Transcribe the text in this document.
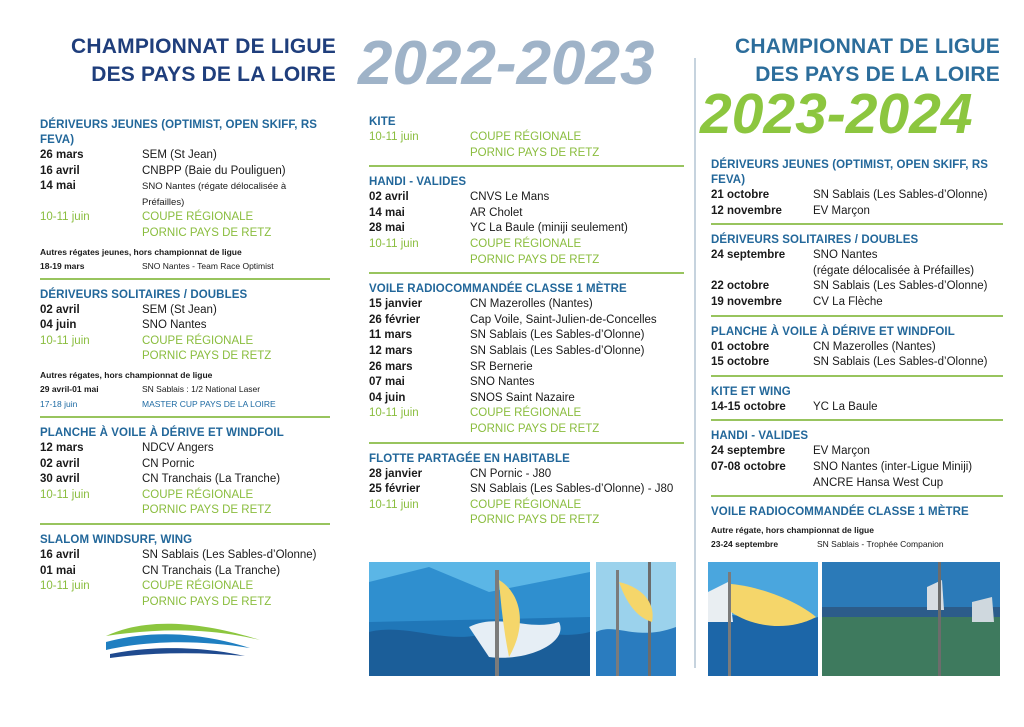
CHAMPIONNAT DE LIGUE
DES PAYS DE LA LOIRE 2022-2023	CHAMPIONNAT DE LIGUE
DES PAYS DE LA LOIRE
2023-2024
DÉRIVEURS JEUNES (OPTIMIST, OPEN SKIFF, RS FEVA)
26 mars	SEM (St Jean)
16 avril	CNBPP (Baie du Pouliguen)
14 mai	SNO Nantes (régate délocalisée à Préfailles)
10-11 juin	COUPE RÉGIONALE
PORNIC PAYS DE RETZ
Autres régates jeunes, hors championnat de ligue
18-19 mars	SNO Nantes - Team Race Optimist
DÉRIVEURS SOLITAIRES / DOUBLES
02 avril	SEM (St Jean)
04 juin	SNO Nantes
10-11 juin	COUPE RÉGIONALE
PORNIC PAYS DE RETZ
Autres régates, hors championnat de ligue
29 avril-01 mai	SN Sablais : 1/2 National Laser
17-18 juin	MASTER CUP PAYS DE LA LOIRE
PLANCHE À VOILE À DÉRIVE ET WINDFOIL
12 mars	NDCV Angers
02 avril	CN Pornic
30 avril	CN Tranchais (La Tranche)
10-11 juin	COUPE RÉGIONALE
PORNIC PAYS DE RETZ
SLALOM WINDSURF, WING
16 avril	SN Sablais (Les Sables-d’Olonne)
01 mai	CN Tranchais (La Tranche)
10-11 juin	COUPE RÉGIONALE
PORNIC PAYS DE RETZ
KITE
10-11 juin	COUPE RÉGIONALE
PORNIC PAYS DE RETZ
HANDI - VALIDES
02 avril	CNVS Le Mans
14 mai	AR Cholet
28 mai	YC La Baule (miniji seulement)
10-11 juin	COUPE RÉGIONALE
PORNIC PAYS DE RETZ
VOILE RADIOCOMMANDÉE CLASSE 1 MÈTRE
15 janvier	CN Mazerolles (Nantes)
26 février	Cap Voile, Saint-Julien-de-Concelles
11 mars	SN Sablais (Les Sables-d’Olonne)
12 mars	SN Sablais (Les Sables-d’Olonne)
26 mars	SR Bernerie
07 mai	SNO Nantes
04 juin	SNOS Saint Nazaire
10-11 juin	COUPE RÉGIONALE
PORNIC PAYS DE RETZ
FLOTTE PARTAGÉE EN HABITABLE
28 janvier	CN Pornic - J80
25 février	SN Sablais (Les Sables-d’Olonne) - J80
10-11 juin	COUPE RÉGIONALE
PORNIC PAYS DE RETZ
DÉRIVEURS JEUNES (OPTIMIST, OPEN SKIFF, RS FEVA)
21 octobre	SN Sablais (Les Sables-d’Olonne)
12 novembre	EV Marçon
DÉRIVEURS SOLITAIRES / DOUBLES
24 septembre	SNO Nantes
(régate délocalisée à Préfailles)
22 octobre	SN Sablais (Les Sables-d’Olonne)
19 novembre	CV La Flèche
PLANCHE À VOILE À DÉRIVE ET WINDFOIL
01 octobre	CN Mazerolles (Nantes)
15 octobre	SN Sablais (Les Sables-d’Olonne)
KITE ET WING
14-15 octobre	YC La Baule
HANDI - VALIDES
24 septembre	EV Marçon
07-08 octobre	SNO Nantes (inter-Ligue Miniji)
ANCRE Hansa West Cup
VOILE RADIOCOMMANDÉE CLASSE 1 MÈTRE
Autre régate, hors championnat de ligue
23-24 septembre	SN Sablais - Trophée Companion
